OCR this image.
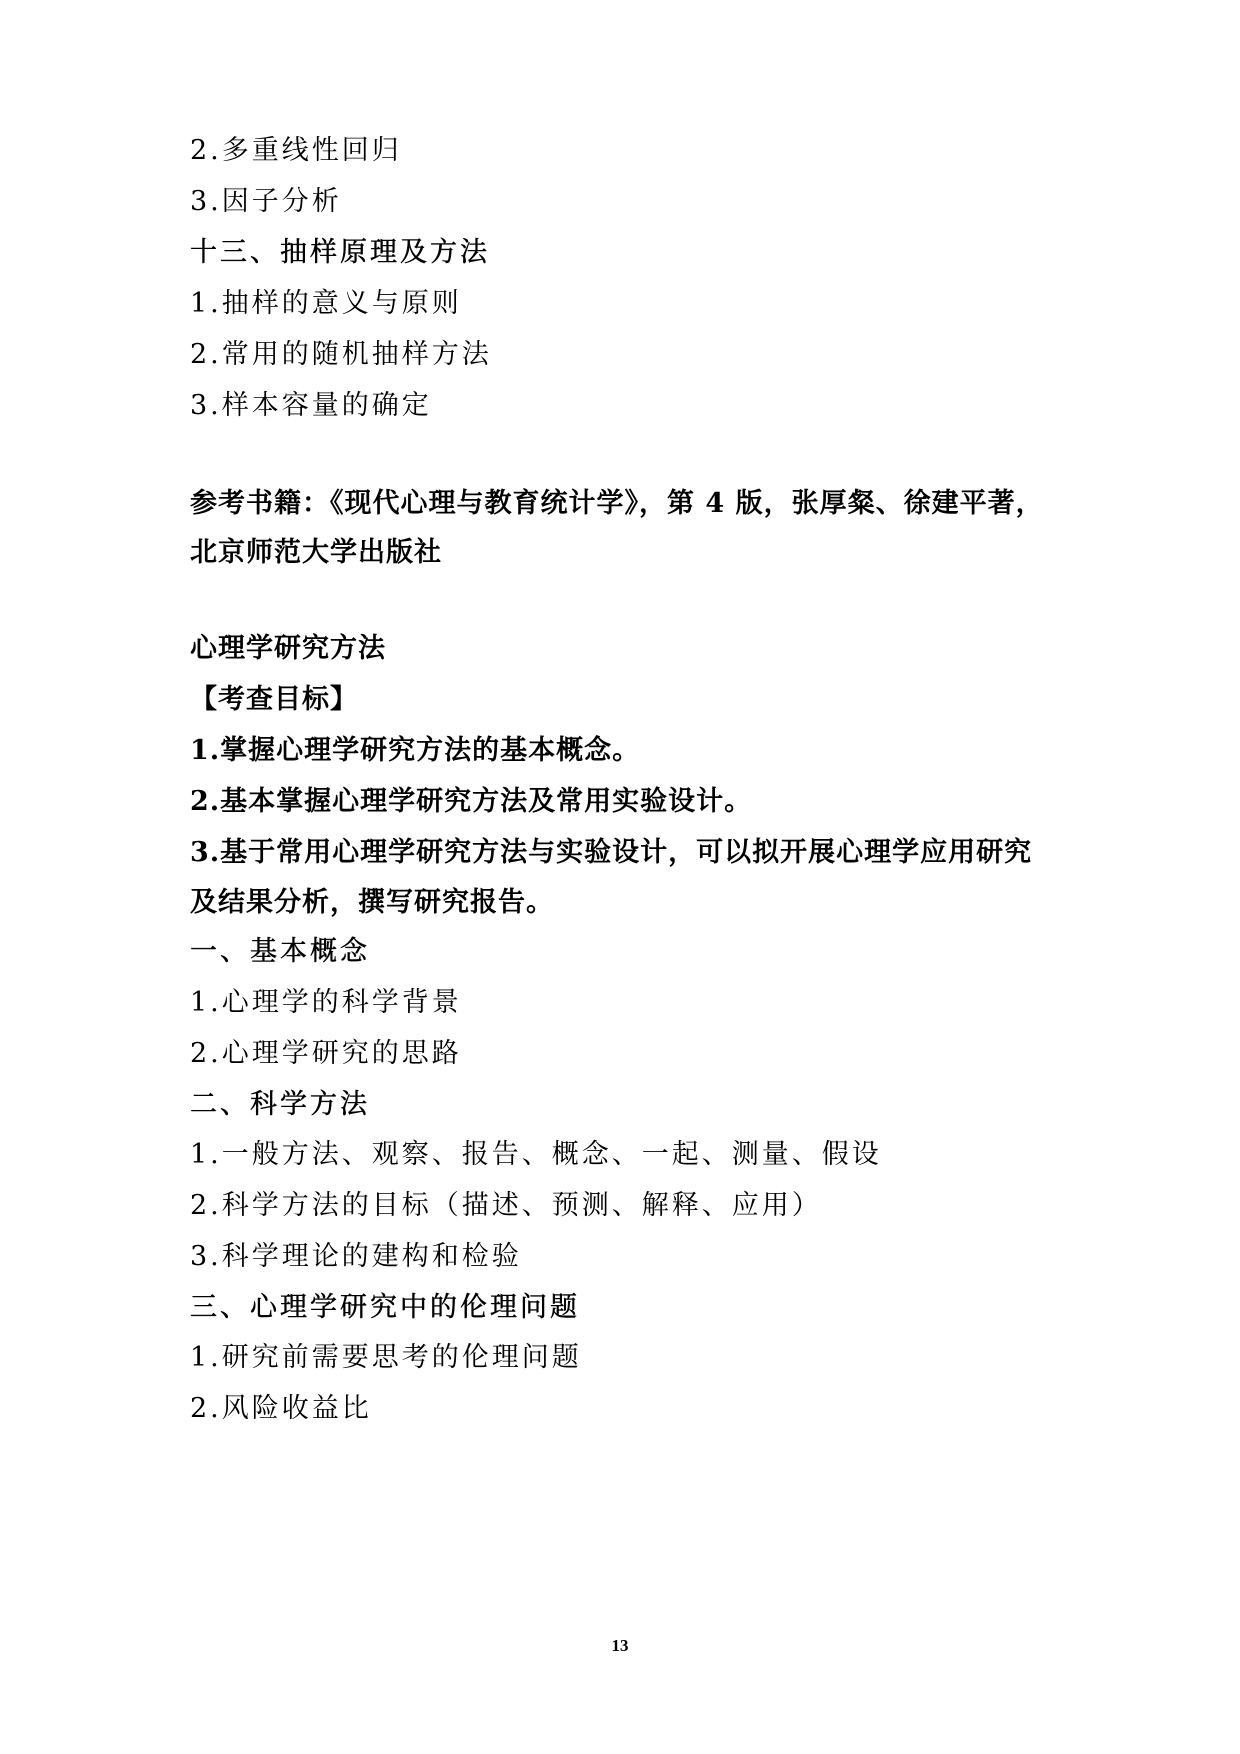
2.多重线性回归
3.因子分析
十三、抽样原理及方法
1.抽样的意义与原则
2.常用的随机抽样方法
3.样本容量的确定
参考书籍：《现代心理与教育统计学》，第 4 版，张厚粲、徐建平著，
北京师范大学出版社
心理学研究方法
【考查目标】
1.掌握心理学研究方法的基本概念。
2.基本掌握心理学研究方法及常用实验设计。
3.基于常用心理学研究方法与实验设计，可以拟开展心理学应用研究
及结果分析，撰写研究报告。
一、基本概念
1.心理学的科学背景
2.心理学研究的思路
二、科学方法
1.一般方法、观察、报告、概念、一起、测量、假设
2.科学方法的目标（描述、预测、解释、应用）
3.科学理论的建构和检验
三、心理学研究中的伦理问题
1.研究前需要思考的伦理问题
2.风险收益比
13
